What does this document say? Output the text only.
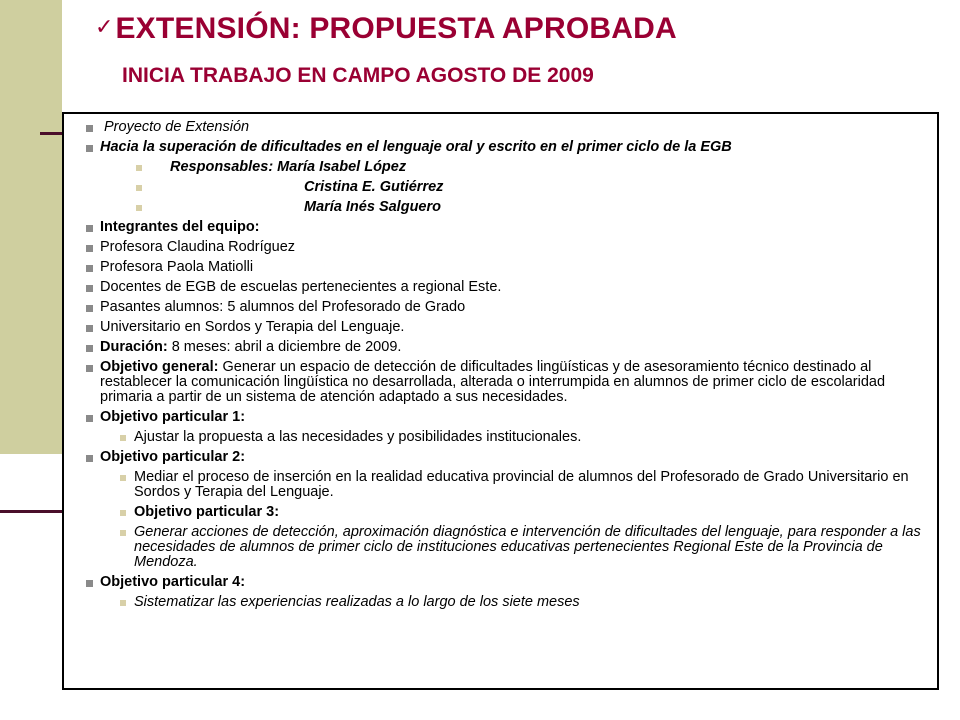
✓ EXTENSIÓN: PROPUESTA APROBADA
INICIA TRABAJO EN CAMPO AGOSTO DE 2009
Proyecto de Extensión
Hacia la superación de dificultades en el lenguaje oral y escrito en el primer ciclo de la EGB
Responsables: María Isabel López
Cristina E. Gutiérrez
María Inés Salguero
Integrantes del equipo:
Profesora Claudina Rodríguez
Profesora Paola Matiolli
Docentes de EGB de escuelas pertenecientes a regional Este.
Pasantes alumnos: 5 alumnos del Profesorado de Grado
Universitario en Sordos y Terapia del Lenguaje.
Duración: 8 meses: abril a diciembre de 2009.
Objetivo general: Generar un espacio de detección de dificultades lingüísticas y de asesoramiento técnico destinado al restablecer la comunicación lingüística no desarrollada, alterada o interrumpida en alumnos de primer ciclo de escolaridad primaria a partir de un sistema de atención adaptado a sus necesidades.
Objetivo particular 1:
Ajustar la propuesta a las necesidades y posibilidades institucionales.
Objetivo particular 2:
Mediar el proceso de inserción en la realidad educativa provincial de alumnos del Profesorado de Grado Universitario en Sordos y Terapia del Lenguaje.
Objetivo particular 3:
Generar acciones de detección, aproximación diagnóstica e intervención de dificultades del lenguaje, para responder a las necesidades de alumnos de primer ciclo de instituciones educativas pertenecientes Regional Este de la Provincia de Mendoza.
Objetivo particular 4:
Sistematizar las experiencias realizadas a lo largo de los siete meses
